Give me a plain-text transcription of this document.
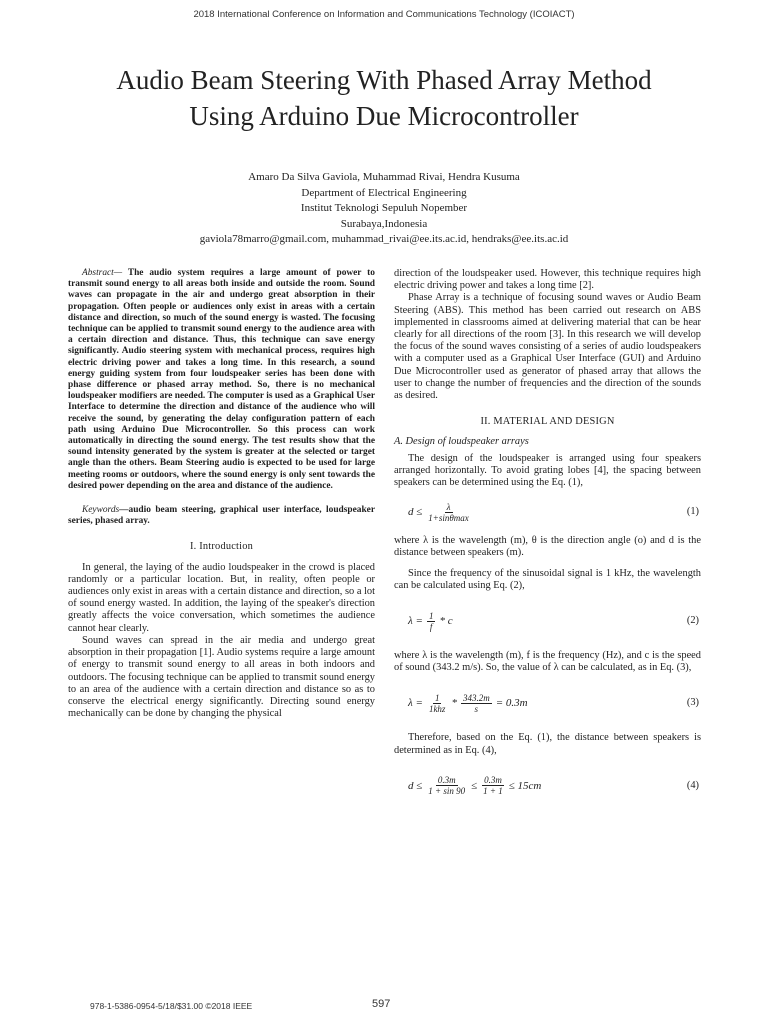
2018 International Conference on Information and Communications Technology (ICOIACT)
Audio Beam Steering With Phased Array Method
Using Arduino Due Microcontroller
Amaro Da Silva Gaviola, Muhammad Rivai, Hendra Kusuma
Department of Electrical Engineering
Institut Teknologi Sepuluh Nopember
Surabaya,Indonesia
gaviola78marro@gmail.com, muhammad_rivai@ee.its.ac.id, hendraks@ee.its.ac.id

Abstract— The audio system requires a large amount of power to transmit sound energy to all areas both inside and outside the room. Sound waves can propagate in the air and undergo great absorption in their propagation. Often people or audiences only exist in areas with a certain distance and direction, so much of the sound energy is wasted. The focusing technique can be applied to transmit sound energy to the audience area with a certain direction and distance. Thus, this technique can save energy significantly. Audio steering system with mechanical process, requires high electric driving power and takes a long time. In this research, a sound energy guiding system from four loudspeaker series has been done with phase difference or phased array method. So, there is no mechanical loudspeaker modifiers are needed. The computer is used as a Graphical User Interface to determine the direction and distance of the audience who will receive the sound, by generating the delay configuration pattern of each path using Arduino Due Microcontroller. So this process can work automatically in directing the sound energy. The test results show that the sound intensity generated by the system is greater at the selected or target angle than the others. Beam Steering audio is expected to be used for large meeting rooms or outdoors, where the sound energy is only sent towards the desired power depending on the area and distance of the audience.

Keywords—audio beam steering, graphical user interface, loudspeaker series, phased array.

I. Introduction

In general, the laying of the audio loudspeaker in the crowd is placed randomly or a particular location. But, in reality, often people or audiences only exist in areas with a certain distance and direction, so a lot of sound energy wasted. In addition, the laying of the speaker's direction greatly affects the voice conversation, which sometimes the audience cannot hear clearly.

Sound waves can spread in the air media and undergo great absorption in their propagation [1]. Audio systems require a large amount of energy to transmit sound energy to all areas in both indoors and outdoors. The focusing technique can be applied to transmit sound energy to an area of the audience with a certain direction and distance so as to conserve the electrical energy significantly. Directing sound energy mechanically can be done by changing the physical

direction of the loudspeaker used. However, this technique requires high electric driving power and takes a long time [2].

Phase Array is a technique of focusing sound waves or Audio Beam Steering (ABS). This method has been carried out research on ABS implemented in classrooms aimed at delivering material that can be hear clearly for all directions of the room [3]. In this research we will develop the focus of the sound waves consisting of a series of audio loudspeakers with a computer used as a Graphical User Interface (GUI) and Arduino Due Microcontroller used as generator of phased array that allows the user to change the number of frequencies and the direction of the sounds as desired.

II. MATERIAL AND DESIGN
A. Design of loudspeaker arrays

The design of the loudspeaker is arranged using four speakers arranged horizontally. To avoid grating lobes [4], the spacing between speakers can be determined using the Eq. (1),

$d \le \frac{\lambda}{1+\sin\theta\max}$	(1)

where λ is the wavelength (m), θ is the direction angle (o) and d is the distance between speakers (m).

Since the frequency of the sinusoidal signal is 1 kHz, the wavelength can be calculated using Eq. (2),

$\lambda = \frac{1}{f} * c$	(2)

where λ is the wavelength (m), f is the frequency (Hz), and c is the speed of sound (343.2 m/s). So, the value of λ can be calculated, as in Eq. (3),

$\lambda = \frac{1}{\text{1khz}} * \frac{343.2m}{s} = 0.3m$	(3)

Therefore, based on the Eq. (1), the distance between speakers is determined as in Eq. (4),

$d \le \frac{0.3m}{1 + \sin 90} \le \frac{0.3m}{1 + 1} \le 15cm$	(4)
978-1-5386-0954-5/18/$31.00 ©2018 IEEE	597
